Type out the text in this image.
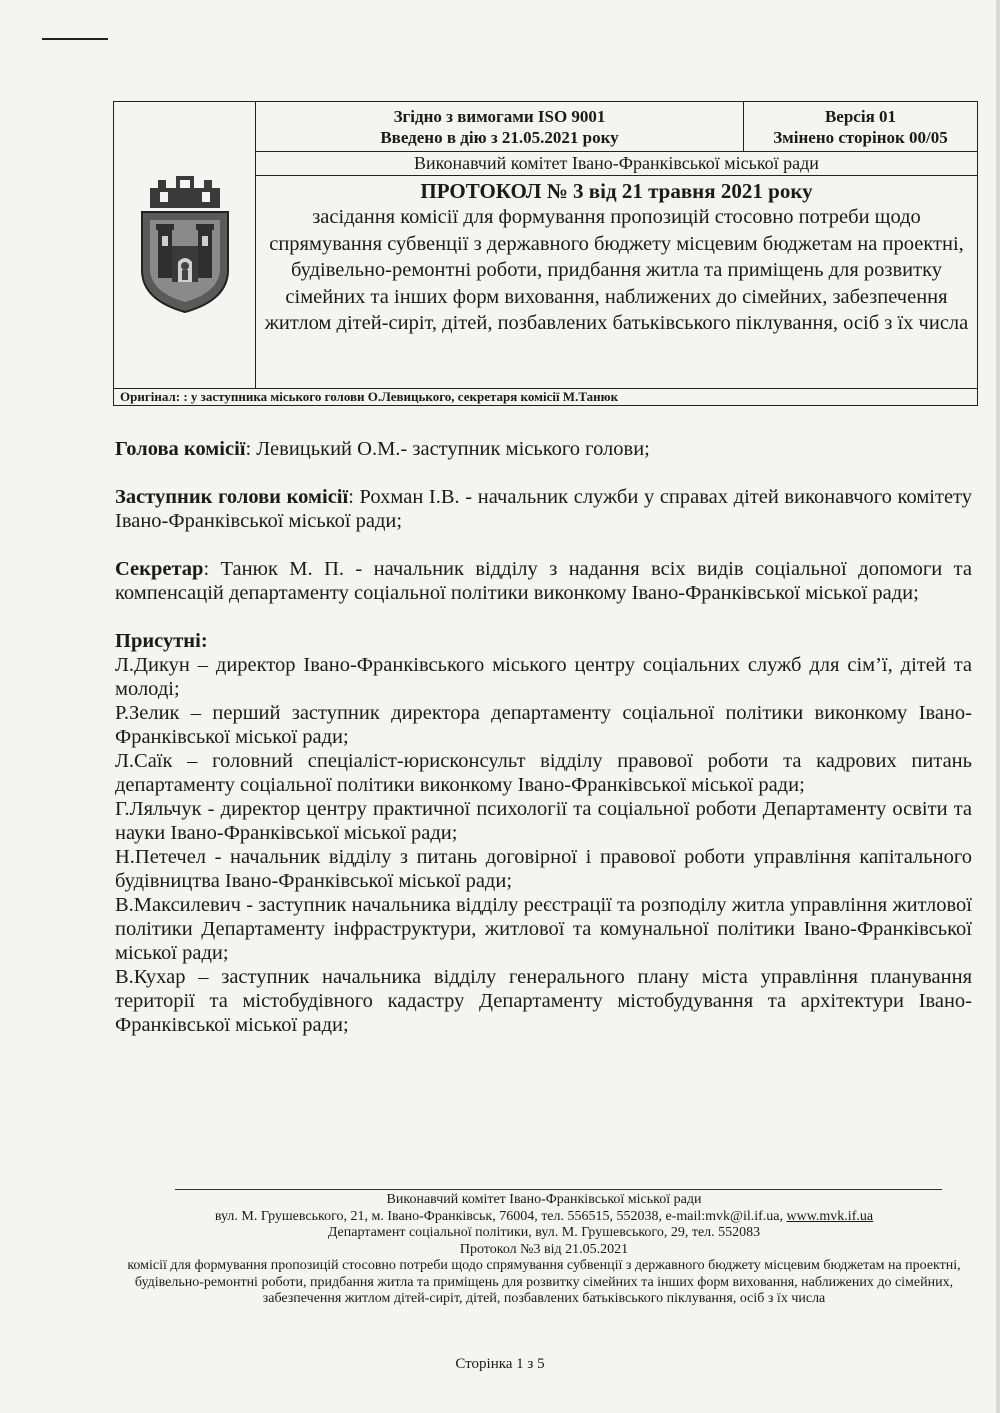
Згідно з вимогами ISO 9001
Введено в дію з 21.05.2021 року
Версія 01
Змінено сторінок 00/05
Виконавчий комітет Івано-Франківської міської ради
ПРОТОКОЛ № 3 від 21 травня 2021 року
засідання комісії для формування пропозицій стосовно потреби щодо спрямування субвенції з державного бюджету місцевим бюджетам на проектні, будівельно-ремонтні роботи, придбання житла та приміщень для розвитку сімейних та інших форм виховання, наближених до сімейних, забезпечення житлом дітей-сиріт, дітей, позбавлених батьківського піклування, осіб з їх числа
Оригінал: : у заступника міського голови О.Левицького, секретаря комісії М.Танюк

Голова комісії: Левицький О.М.- заступник міського голови;

Заступник голови комісії: Рохман І.В. - начальник служби у справах дітей виконавчого комітету Івано-Франківської міської ради;

Секретар: Танюк М. П. - начальник відділу з надання всіх видів соціальної допомоги та компенсацій департаменту соціальної політики виконкому Івано-Франківської міської ради;

Присутні:

Л.Дикун – директор Івано-Франківського міського центру соціальних служб для сім’ї, дітей та молоді;

Р.Зелик – перший заступник директора департаменту соціальної політики виконкому Івано-Франківської міської ради;

Л.Саїк – головний спеціаліст-юрисконсульт відділу правової роботи та кадрових питань департаменту соціальної політики виконкому Івано-Франківської міської ради;

Г.Ляльчук - директор центру практичної психології та соціальної роботи Департаменту освіти та науки Івано-Франківської міської ради;

Н.Петечел - начальник відділу з питань договірної і правової роботи управління капітального будівництва Івано-Франківської міської ради;

В.Максилевич - заступник начальника відділу реєстрації та розподілу житла управління житлової політики Департаменту інфраструктури, житлової та комунальної політики Івано-Франківської міської ради;

В.Кухар – заступник начальника відділу генерального плану міста управління планування території та містобудівного кадастру Департаменту містобудування та архітектури Івано-Франківської міської ради;

Виконавчий комітет Івано-Франківської міської ради

вул. М. Грушевського, 21, м. Івано-Франківськ, 76004, тел. 556515, 552038, e-mail:mvk@il.if.ua, www.mvk.if.ua

Департамент соціальної політики, вул. М. Грушевського, 29, тел. 552083

Протокол №3 від 21.05.2021

комісії для формування пропозицій стосовно потреби щодо спрямування субвенції з державного бюджету місцевим бюджетам на проектні, будівельно-ремонтні роботи, придбання житла та приміщень для розвитку сімейних та інших форм виховання, наближених до сімейних, забезпечення житлом дітей-сиріт, дітей, позбавлених батьківського піклування, осіб з їх числа

Сторінка 1 з 5
